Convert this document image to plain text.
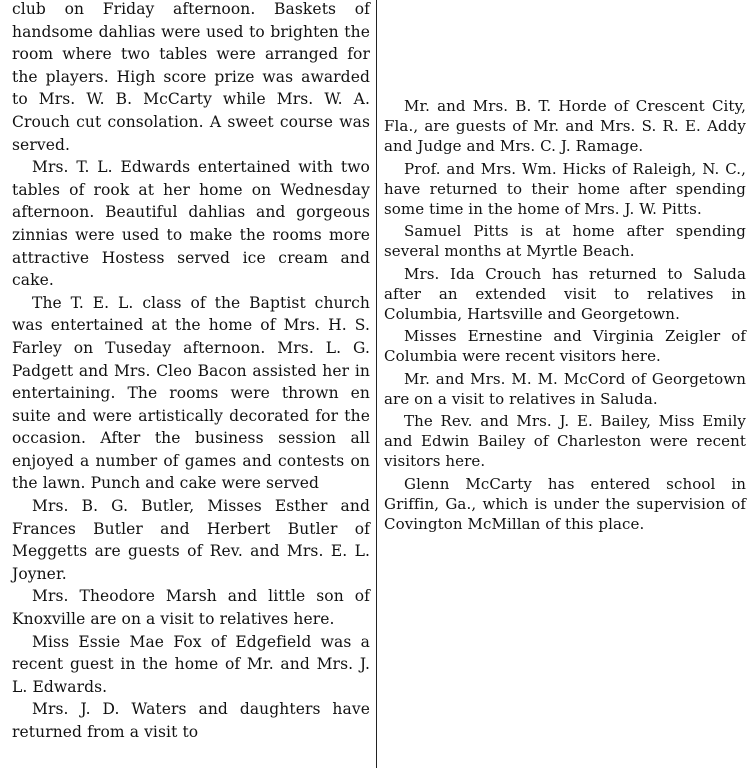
club on Friday afternoon. Baskets of handsome dahlias were used to brighten the room where two tables were arranged for the players. High score prize was awarded to Mrs. W. B. McCarty while Mrs. W. A. Crouch cut consolation. A sweet course was served.

Mrs. T. L. Edwards entertained with two tables of rook at her home on Wednesday afternoon. Beautiful dahlias and gorgeous zinnias were used to make the rooms more attractive Hostess served ice cream and cake.

The T. E. L. class of the Baptist church was entertained at the home of Mrs. H. S. Farley on Tuseday afternoon. Mrs. L. G. Padgett and Mrs. Cleo Bacon assisted her in entertaining. The rooms were thrown en suite and were artistically decorated for the occasion. After the business session all enjoyed a number of games and contests on the lawn. Punch and cake were served

Mrs. B. G. Butler, Misses Esther and Frances Butler and Herbert Butler of Meggetts are guests of Rev. and Mrs. E. L. Joyner.

Mrs. Theodore Marsh and little son of Knoxville are on a visit to relatives here.

Miss Essie Mae Fox of Edgefield was a recent guest in the home of Mr. and Mrs. J. L. Edwards.

Mrs. J. D. Waters and daughters have returned from a visit to

Mr. and Mrs. B. T. Horde of Crescent City, Fla., are guests of Mr. and Mrs. S. R. E. Addy and Judge and Mrs. C. J. Ramage.

Prof. and Mrs. Wm. Hicks of Raleigh, N. C., have returned to their home after spending some time in the home of Mrs. J. W. Pitts.

Samuel Pitts is at home after spending several months at Myrtle Beach.

Mrs. Ida Crouch has returned to Saluda after an extended visit to relatives in Columbia, Hartsville and Georgetown.

Misses Ernestine and Virginia Zeigler of Columbia were recent visitors here.

Mr. and Mrs. M. M. McCord of Georgetown are on a visit to relatives in Saluda.

The Rev. and Mrs. J. E. Bailey, Miss Emily and Edwin Bailey of Charleston were recent visitors here.

Glenn McCarty has entered school in Griffin, Ga., which is under the supervision of Covington McMillan of this place.
